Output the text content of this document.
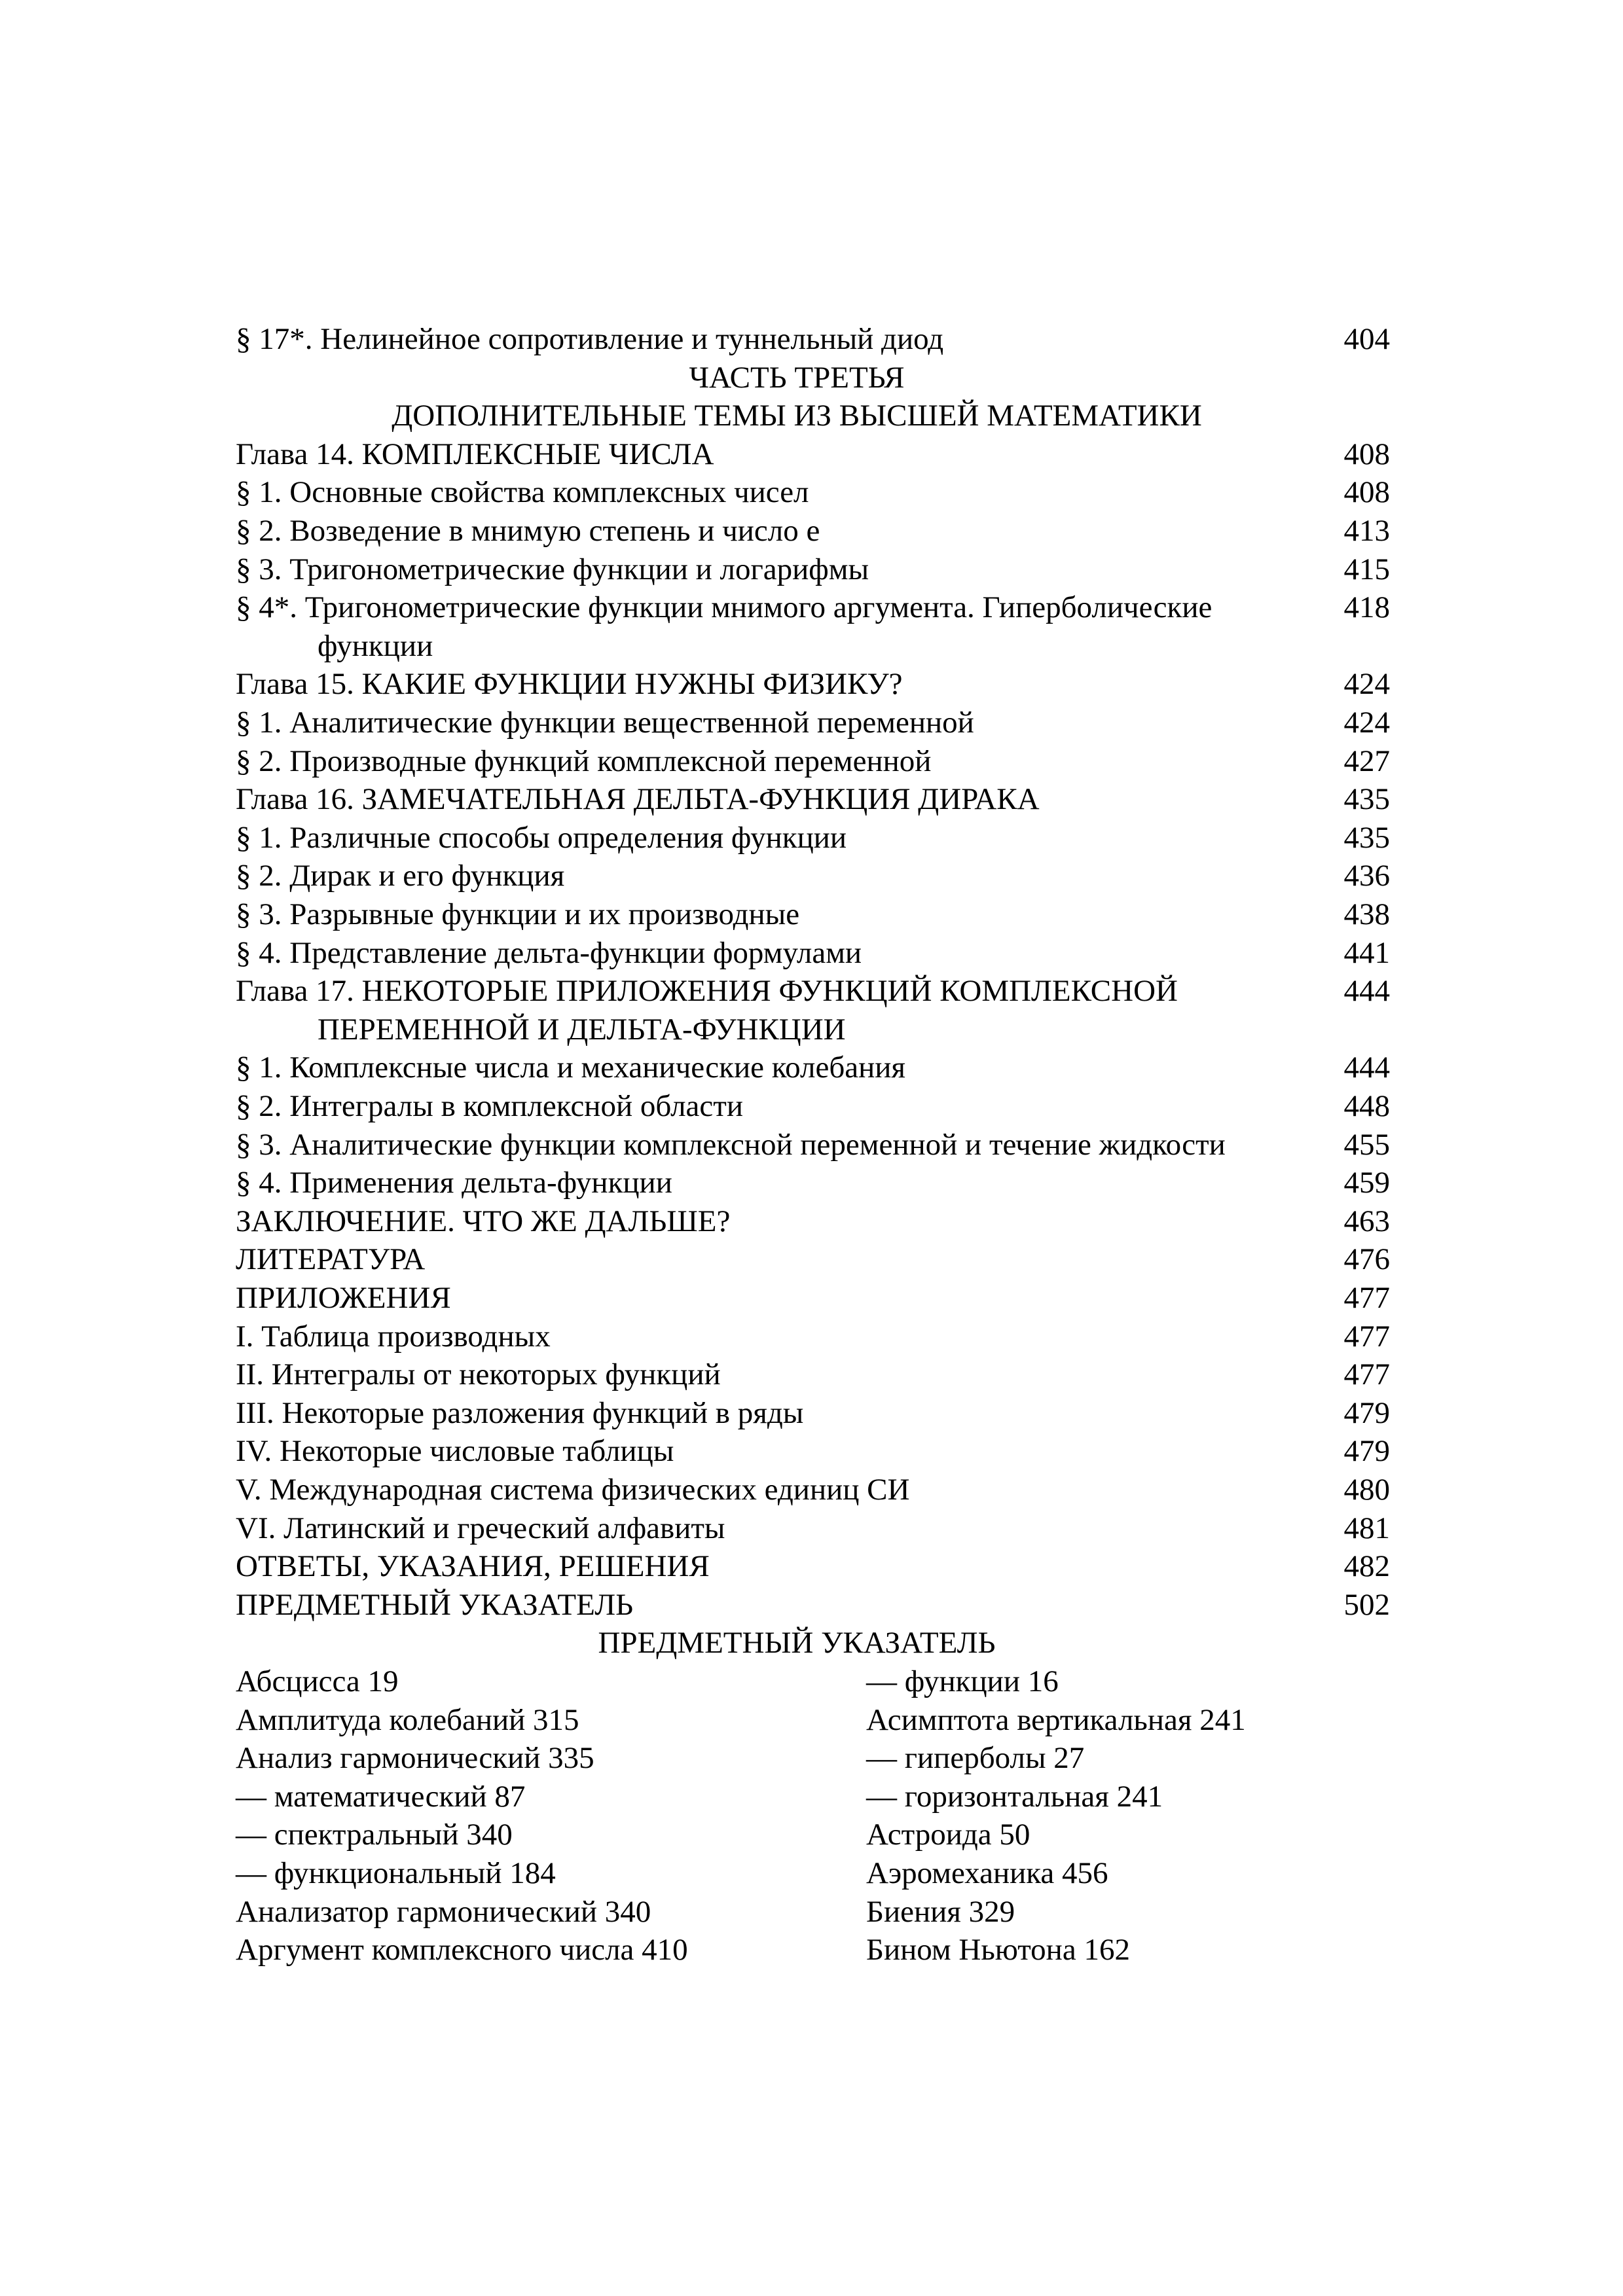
§ 17*. Нелинейное сопротивление и туннельный диод	404
ЧАСТЬ ТРЕТЬЯ
ДОПОЛНИТЕЛЬНЫЕ ТЕМЫ ИЗ ВЫСШЕЙ МАТЕМАТИКИ
Глава 14. КОМПЛЕКСНЫЕ ЧИСЛА	408
§ 1. Основные свойства комплексных чисел	408
§ 2. Возведение в мнимую степень и число е	413
§ 3. Тригонометрические функции и логарифмы	415
§ 4*. Тригонометрические функции мнимого аргумента. Гиперболические	418
функции
Глава 15. КАКИЕ ФУНКЦИИ НУЖНЫ ФИЗИКУ?	424
§ 1. Аналитические функции вещественной переменной	424
§ 2. Производные функций комплексной переменной	427
Глава 16. ЗАМЕЧАТЕЛЬНАЯ ДЕЛЬТА-ФУНКЦИЯ ДИРАКА	435
§ 1. Различные способы определения функции	435
§ 2. Дирак и его функция	436
§ 3. Разрывные функции и их производные	438
§ 4. Представление дельта-функции формулами	441
Глава 17. НЕКОТОРЫЕ ПРИЛОЖЕНИЯ ФУНКЦИЙ КОМПЛЕКСНОЙ	444
ПЕРЕМЕННОЙ И ДЕЛЬТА-ФУНКЦИИ
§ 1. Комплексные числа и механические колебания	444
§ 2. Интегралы в комплексной области	448
§ 3. Аналитические функции комплексной переменной и течение жидкости	455
§ 4. Применения дельта-функции	459
ЗАКЛЮЧЕНИЕ. ЧТО ЖЕ ДАЛЬШЕ?	463
ЛИТЕРАТУРА	476
ПРИЛОЖЕНИЯ	477
I. Таблица производных	477
II. Интегралы от некоторых функций	477
III. Некоторые разложения функций в ряды	479
IV. Некоторые числовые таблицы	479
V. Международная система физических единиц СИ	480
VI. Латинский и греческий алфавиты	481
ОТВЕТЫ, УКАЗАНИЯ, РЕШЕНИЯ	482
ПРЕДМЕТНЫЙ УКАЗАТЕЛЬ	502
ПРЕДМЕТНЫЙ УКАЗАТЕЛЬ
Абсцисса 19
Амплитуда колебаний 315
Анализ гармонический 335
— математический 87
— спектральный 340
— функциональный 184
Анализатор гармонический 340
Аргумент комплексного числа 410
— функции 16
Асимптота вертикальная 241
— гиперболы 27
— горизонтальная 241
Астроида 50
Аэромеханика 456
Биения 329
Бином Ньютона 162
